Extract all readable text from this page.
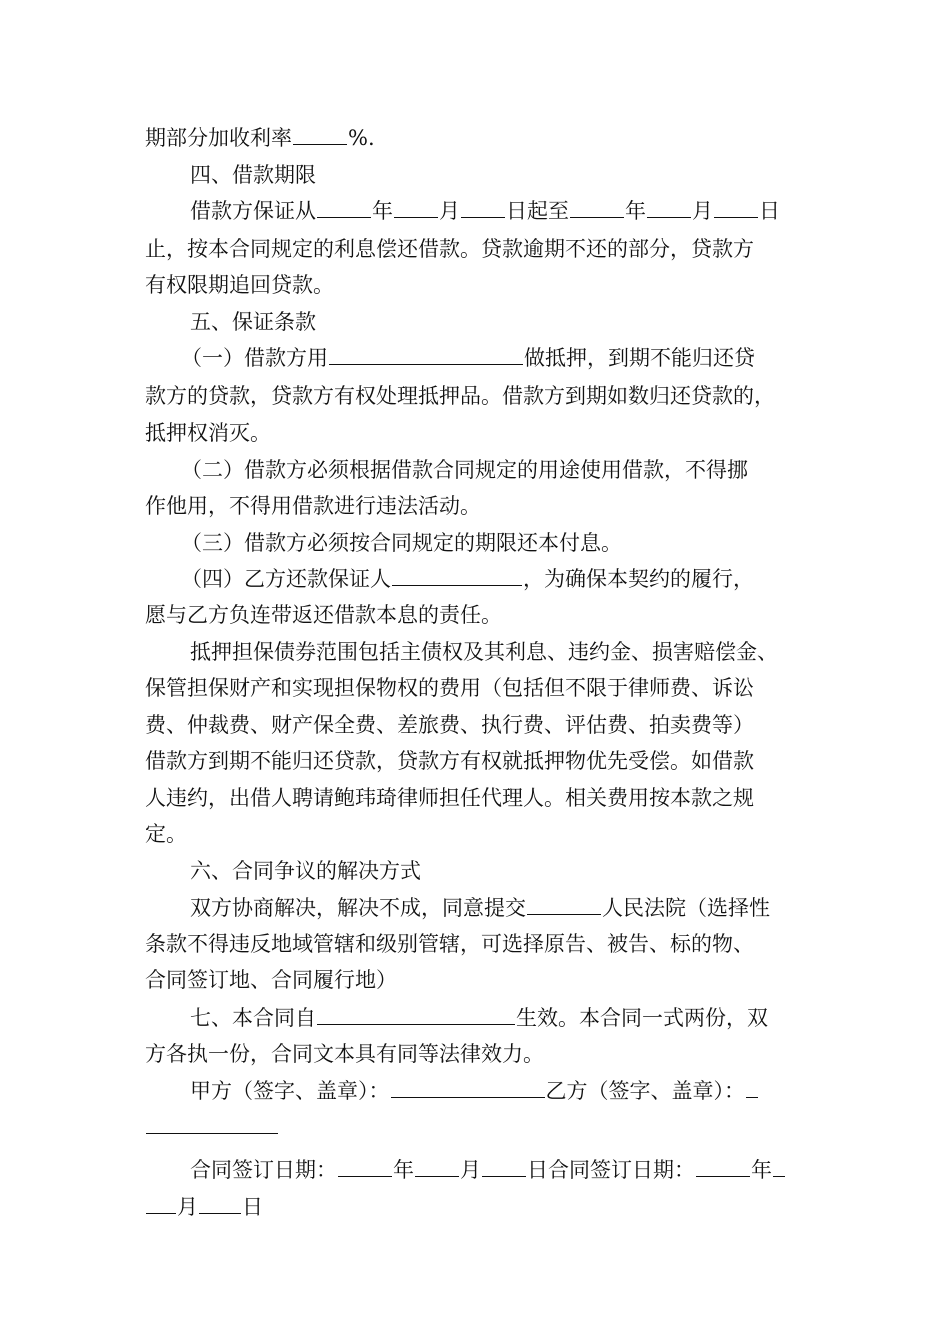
期部分加收利率	%.
四、借款期限
借款方保证从	年 月 日起至	年 月 日
止，按本合同规定的利息偿还借款。贷款逾期不还的部分，贷款方
有权限期追回贷款。
五、保证条款
（一）借款方用	做抵押，到期不能归还贷
款方的贷款，贷款方有权处理抵押品。借款方到期如数归还贷款的，
抵押权消灭。
（二）借款方必须根据借款合同规定的用途使用借款，不得挪
作他用，不得用借款进行违法活动。
（三）借款方必须按合同规定的期限还本付息。
（四）乙方还款保证人	，为确保本契约的履行，
愿与乙方负连带返还借款本息的责任。
抵押担保债券范围包括主债权及其利息、违约金、损害赔偿金、
保管担保财产和实现担保物权的费用（包括但不限于律师费、诉讼
费、仲裁费、财产保全费、差旅费、执行费、评估费、拍卖费等）
借款方到期不能归还贷款，贷款方有权就抵押物优先受偿。如借款
人违约，出借人聘请鲍玮琦律师担任代理人。相关费用按本款之规
定。
六、合同争议的解决方式
双方协商解决，解决不成，同意提交	人民法院（选择性
条款不得违反地域管辖和级别管辖，可选择原告、被告、标的物、
合同签订地、合同履行地）
七、本合同自	生效。本合同一式两份，双
方各执一份，合同文本具有同等法律效力。
甲方（签字、盖章）：	乙方（签字、盖章）：
合同签订日期：	年 月 日合同签订日期：	年
月 日
